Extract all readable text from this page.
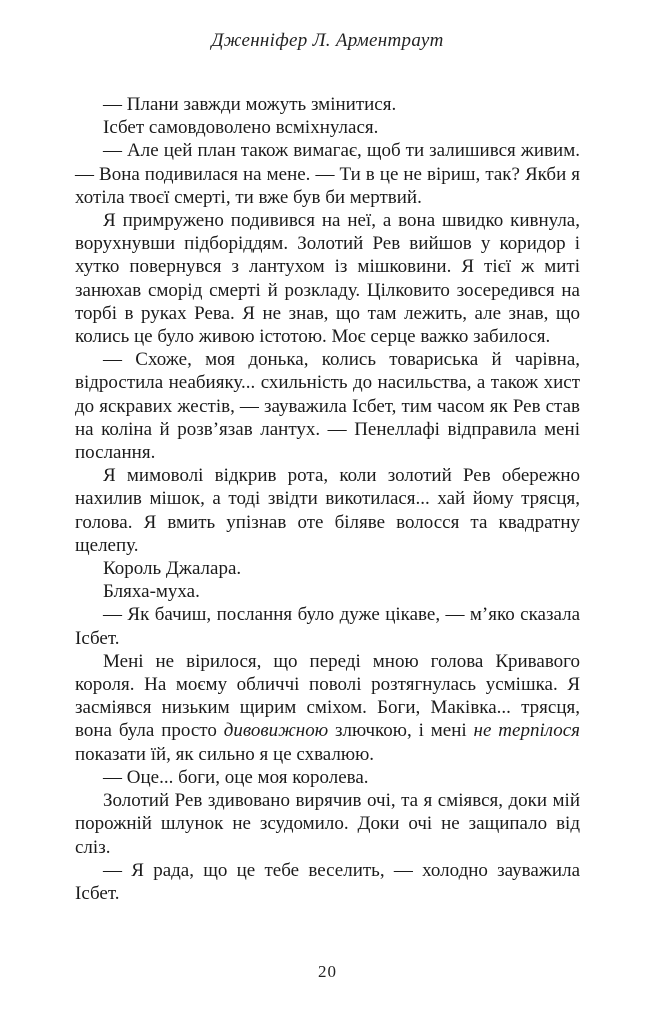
Дженніфер Л. Арментраут

— Плани завжди можуть змінитися.

Ісбет самовдоволено всміхнулася.

— Але цей план також вимагає, щоб ти залишився живим. — Вона подивилася на мене. — Ти в це не віриш, так? Якби я хотіла твоєї смерті, ти вже був би мертвий.

Я примружено подивився на неї, а вона швидко кивнула, ворухнувши підборіддям. Золотий Рев вийшов у коридор і хутко повернувся з лантухом із мішковини. Я тієї ж миті занюхав сморід смерті й розкладу. Цілковито зосередився на торбі в руках Рева. Я не знав, що там лежить, але знав, що колись це було живою істотою. Моє серце важко забилося.

— Схоже, моя донька, колись товариська й чарівна, відростила неабияку... схильність до насильства, а також хист до яскравих жестів, — зауважила Ісбет, тим часом як Рев став на коліна й розв’язав лантух. — Пенеллафі відправила мені послання.

Я мимоволі відкрив рота, коли золотий Рев обережно нахилив мішок, а тоді звідти викотилася... хай йому трясця, голова. Я вмить упізнав оте біляве волосся та квадратну щелепу.

Король Джалара.

Бляха-муха.

— Як бачиш, послання було дуже цікаве, — м’яко сказала Ісбет.

Мені не вірилося, що переді мною голова Кривавого короля. На моєму обличчі поволі розтягнулась усмішка. Я засміявся низьким щирим сміхом. Боги, Маківка... трясця, вона була просто дивовижною злючкою, і мені не терпілося показати їй, як сильно я це схвалюю.

— Оце... боги, оце моя королева.

Золотий Рев здивовано вирячив очі, та я сміявся, доки мій порожній шлунок не зсудомило. Доки очі не защипало від сліз.

— Я рада, що це тебе веселить, — холодно зауважила Ісбет.

20
